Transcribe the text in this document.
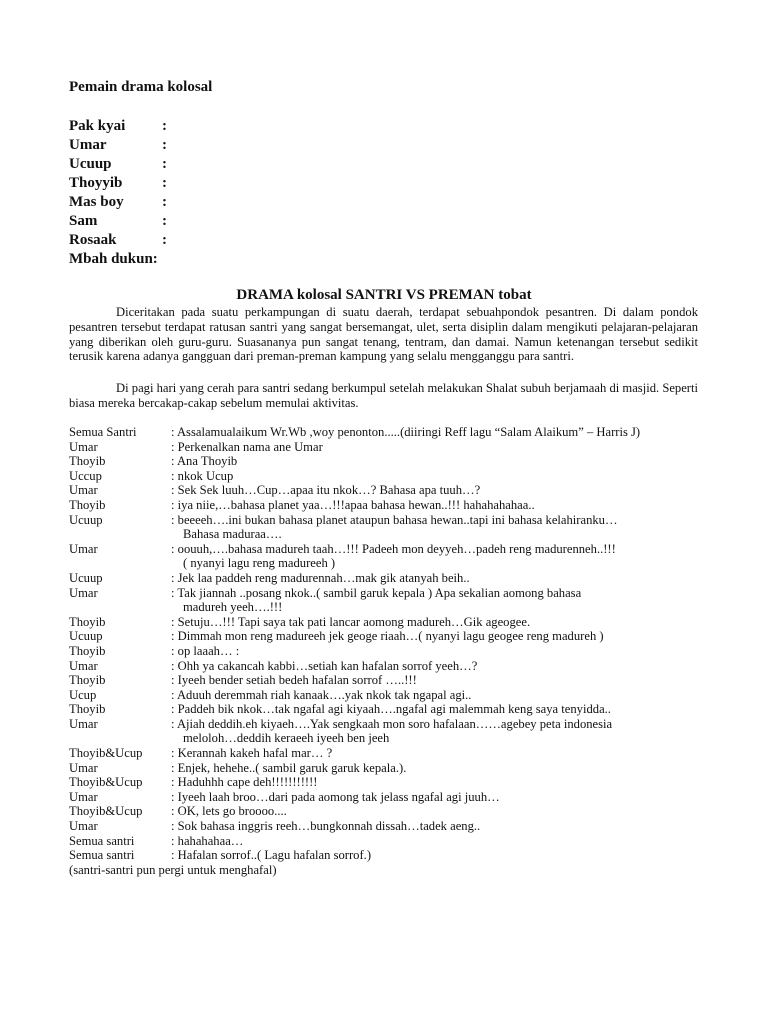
Pemain drama kolosal
Pak kyai	:
Umar	:
Ucuup	:
Thoyyib	:
Mas boy	:
Sam	:
Rosaak	:
Mbah dukun:
DRAMA kolosal SANTRI VS PREMAN tobat

Diceritakan pada suatu perkampungan di suatu daerah, terdapat sebuahpondok pesantren. Di dalam pondok pesantren tersebut terdapat ratusan santri yang sangat bersemangat, ulet, serta disiplin dalam mengikuti pelajaran-pelajaran yang diberikan oleh guru-guru. Suasananya pun sangat tenang, tentram, dan damai. Namun ketenangan tersebut sedikit terusik karena adanya gangguan dari preman-preman kampung yang selalu mengganggu para santri.

Di pagi hari yang cerah para santri sedang berkumpul setelah melakukan Shalat subuh berjamaah di masjid. Seperti biasa mereka bercakap-cakap sebelum memulai aktivitas.

Semua Santri	: Assalamualaikum Wr.Wb ,woy penonton.....(diiringi Reff lagu “Salam Alaikum” – Harris J)
Umar	: Perkenalkan nama ane Umar
Thoyib	: Ana Thoyib
Uccup	: nkok Ucup
Umar	: Sek Sek luuh…Cup…apaa itu nkok…? Bahasa apa tuuh…?
Thoyib	: iya niie,…bahasa planet yaa…!!!apaa bahasa hewan..!!! hahahahahaa..
Ucuup	: beeeeh….ini bukan bahasa planet ataupun bahasa hewan..tapi ini bahasa kelahiranku…
Bahasa maduraa….
Umar	: oouuh,….bahasa madureh taah…!!! Padeeh mon deyyeh…padeh reng madurenneh..!!!
( nyanyi lagu reng madureeh )
Ucuup	: Jek laa paddeh reng madurennah…mak gik atanyah beih..
Umar	: Tak jiannah ..posang nkok..( sambil garuk kepala ) Apa sekalian aomong bahasa
madureh yeeh….!!!
Thoyib	: Setuju…!!! Tapi saya tak pati lancar aomong madureh…Gik ageogee.
Ucuup	: Dimmah mon reng madureeh jek geoge riaah…( nyanyi lagu geogee reng madureh )
Thoyib	: op laaah… :
Umar	: Ohh ya cakancah kabbi…setiah kan hafalan sorrof yeeh…?
Thoyib	: Iyeeh bender setiah bedeh hafalan sorrof …..!!!
Ucup	: Aduuh deremmah riah kanaak….yak nkok tak ngapal agi..
Thoyib	: Paddeh bik nkok…tak ngafal agi kiyaah….ngafal agi malemmah keng saya tenyidda..
Umar	: Ajiah deddih.eh kiyaeh….Yak sengkaah mon soro hafalaan……agebey peta indonesia
meloloh…deddih keraeeh iyeeh ben jeeh
Thoyib&Ucup	: Kerannah kakeh hafal mar… ?
Umar	: Enjek, hehehe..( sambil garuk garuk kepala.).
Thoyib&Ucup	: Haduhhh cape deh!!!!!!!!!!!
Umar	: Iyeeh laah broo…dari pada aomong tak jelass ngafal agi juuh…
Thoyib&Ucup	: OK, lets go broooo....
Umar	: Sok bahasa inggris reeh…bungkonnah dissah…tadek aeng..
Semua santri	: hahahahaa…
Semua santri	: Hafalan sorrof..( Lagu hafalan sorrof.)
(santri-santri pun pergi untuk menghafal)
